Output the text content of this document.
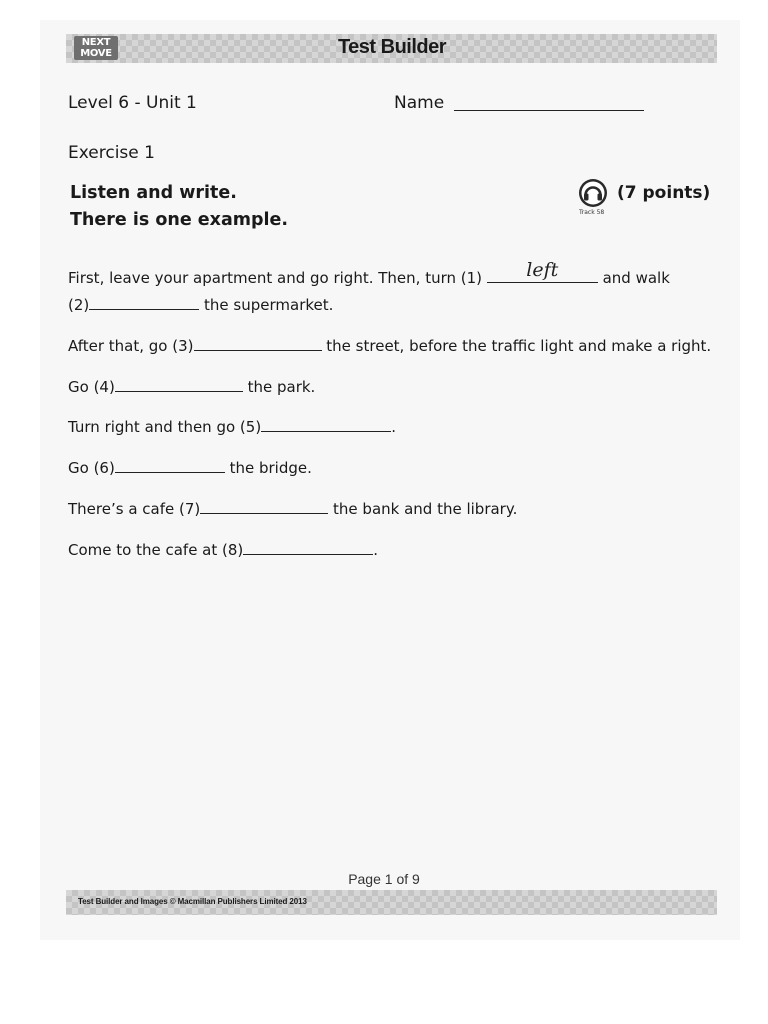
NEXT
MOVE	Test Builder
Level 6 - Unit 1	Name
Exercise 1
Listen and write.
There is one example.
(7 points)
Track 58
First, leave your apartment and go right. Then, turn (1)	left	and walk
(2)	the supermarket.
After that, go (3)	the street, before the traffic light and make a right.
Go (4)	the park.
Turn right and then go (5)	.
Go (6)	the bridge.
There’s a cafe (7)	the bank and the library.
Come to the cafe at (8)	.
Page 1 of 9
Test Builder and Images © Macmillan Publishers Limited 2013
